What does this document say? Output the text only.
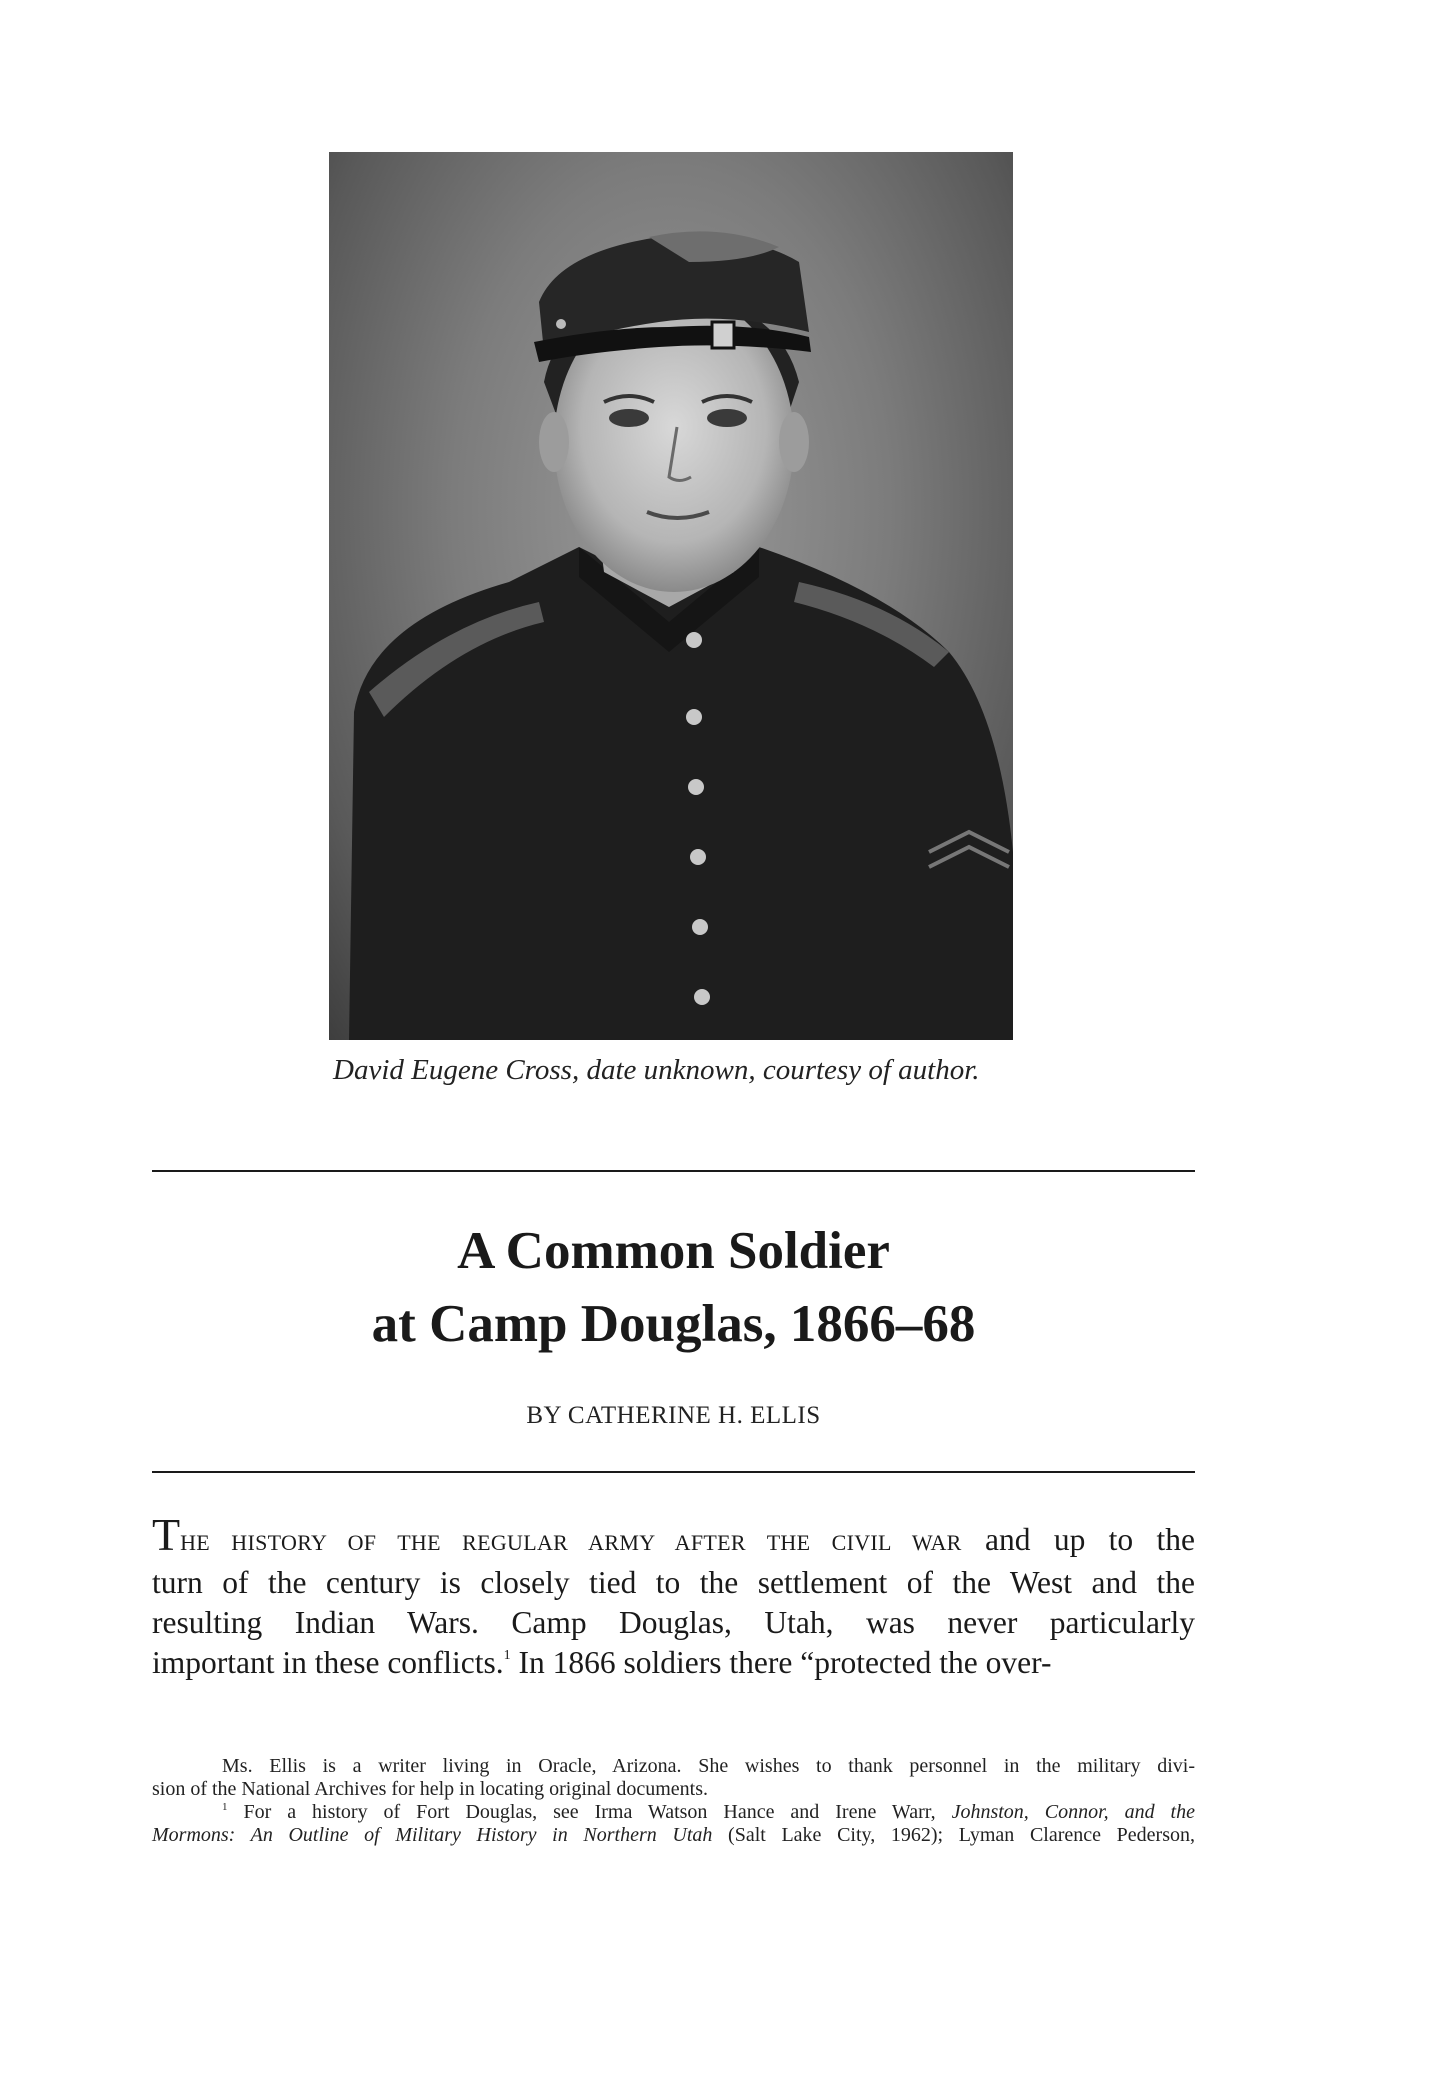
David Eugene Cross, date unknown, courtesy of author.
A Common Soldier
at Camp Douglas, 1866–68
BY CATHERINE H. ELLIS
THE HISTORY OF THE REGULAR ARMY AFTER THE CIVIL WAR and up to the
turn of the century is closely tied to the settlement of the West and the
resulting Indian Wars. Camp Douglas, Utah, was never particularly
important in these conflicts.$^1$ In 1866 soldiers there “protected the over-
Ms. Ellis is a writer living in Oracle, Arizona. She wishes to thank personnel in the military divi-
sion of the National Archives for help in locating original documents.
$^1$ For a history of Fort Douglas, see Irma Watson Hance and Irene Warr, Johnston, Connor, and the
Mormons: An Outline of Military History in Northern Utah (Salt Lake City, 1962); Lyman Clarence Pederson,
